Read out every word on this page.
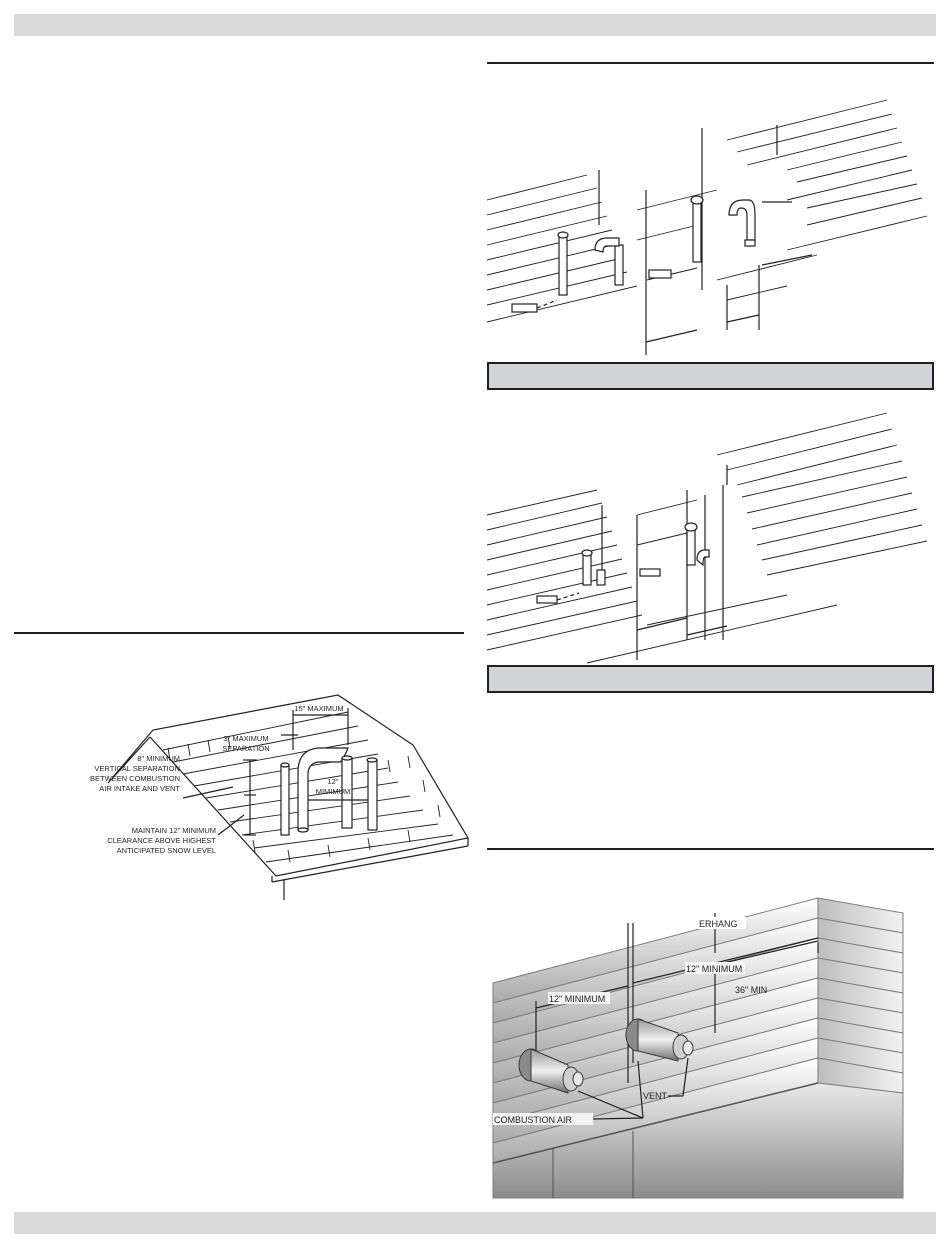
15" MAXIMUM
3" MAXIMUM
SEPARATION
12"
MIMIMUM
8" MINIMUM
VERTICAL SEPARATION
BETWEEN COMBUSTION
AIR INTAKE AND VENT
MAINTAIN 12" MINIMUM
CLEARANCE ABOVE HIGHEST
ANTICIPATED SNOW LEVEL
ERHANG
12" MINIMUM
36" MIN
12" MINIMUM
VENT
COMBUSTION AIR
